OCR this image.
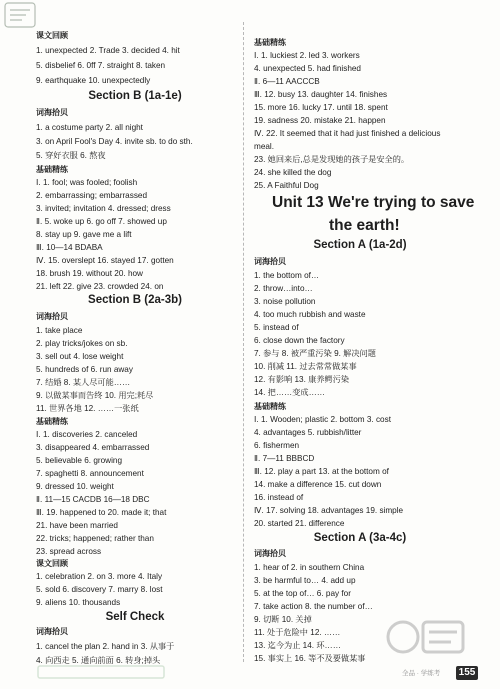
课文回顾
1. unexpected 2. Trade 3. decided 4. hit
5. disbelief 6. 0ff 7. straight 8. taken
9. earthquake 10. unexpectedly
Section B (1a-1e)
词海拾贝
1. a costume party 2. all night
3. on April Fool's Day 4. invite sb. to do sth.
5. 穿好衣服 6. 熬夜
基础精练
Ⅰ. 1. fool; was fooled; foolish
2. embarrassing; embarrassed
3. invited; invitation 4. dressed; dress
Ⅱ. 5. woke up 6. go off 7. showed up
8. stay up 9. gave me a lift
Ⅲ. 10—14 BDABA
Ⅳ. 15. overslept 16. stayed 17. gotten
18. brush 19. without 20. how
21. left 22. give 23. crowded 24. on
Section B (2a-3b)
词海拾贝
1. take place
2. play tricks/jokes on sb.
3. sell out 4. lose weight
5. hundreds of 6. run away
7. 结婚 8. 某人尽可能……
9. 以做某事而告终 10. 用完;耗尽
11. 世界各地 12. ……一张纸
基础精练
Ⅰ. 1. discoveries 2. canceled
3. disappeared 4. embarrassed
5. believable 6. growing
7. spaghetti 8. announcement
9. dressed 10. weight
Ⅱ. 11—15 CACDB 16—18 DBC
Ⅲ. 19. happened to 20. made it; that
21. have been married
22. tricks; happened; rather than
23. spread across
课文回顾
1. celebration 2. on 3. more 4. Italy
5. sold 6. discovery 7. marry 8. lost
9. aliens 10. thousands
Self Check
词海拾贝
1. cancel the plan 2. hand in 3. 从事于
4. 向西走 5. 通向前面 6. 转身;掉头
基础精练
Ⅰ. 1. luckiest 2. led 3. workers
4. unexpected 5. had finished
Ⅱ. 6—11 AACCCB
Ⅲ. 12. busy 13. daughter 14. finishes
15. more 16. lucky 17. until 18. spent
19. sadness 20. mistake 21. happen
Ⅳ. 22. It seemed that it had just finished a delicious
meal.
23. 她回来后,总是发现她的孩子是安全的。
24. she killed the dog
25. A Faithful Dog
Unit 13 We're trying to save
the earth!
Section A (1a-2d)
词海拾贝
1. the bottom of…
2. throw…into…
3. noise pollution
4. too much rubbish and waste
5. instead of
6. close down the factory
7. 参与 8. 被严重污染 9. 解决问题
10. 削减 11. 过去常常做某事
12. 有影响 13. 康养鳄污染
14. 把……变成……
基础精练
Ⅰ. 1. Wooden; plastic 2. bottom 3. cost
4. advantages 5. rubbish/litter
6. fishermen
Ⅱ. 7—11 BBBCD
Ⅲ. 12. play a part 13. at the bottom of
14. make a difference 15. cut down
16. instead of
Ⅳ. 17. solving 18. advantages 19. simple
20. started 21. difference
Section A (3a-4c)
词海拾贝
1. hear of 2. in southern China
3. be harmful to… 4. add up
5. at the top of… 6. pay for
7. take action 8. the number of…
9. 切断 10. 关掉
11. 处于危险中 12. ……
13. 迄今为止 14. 环……
15. 事实上 16. 等不及要做某事
全品 · 学练考 155
